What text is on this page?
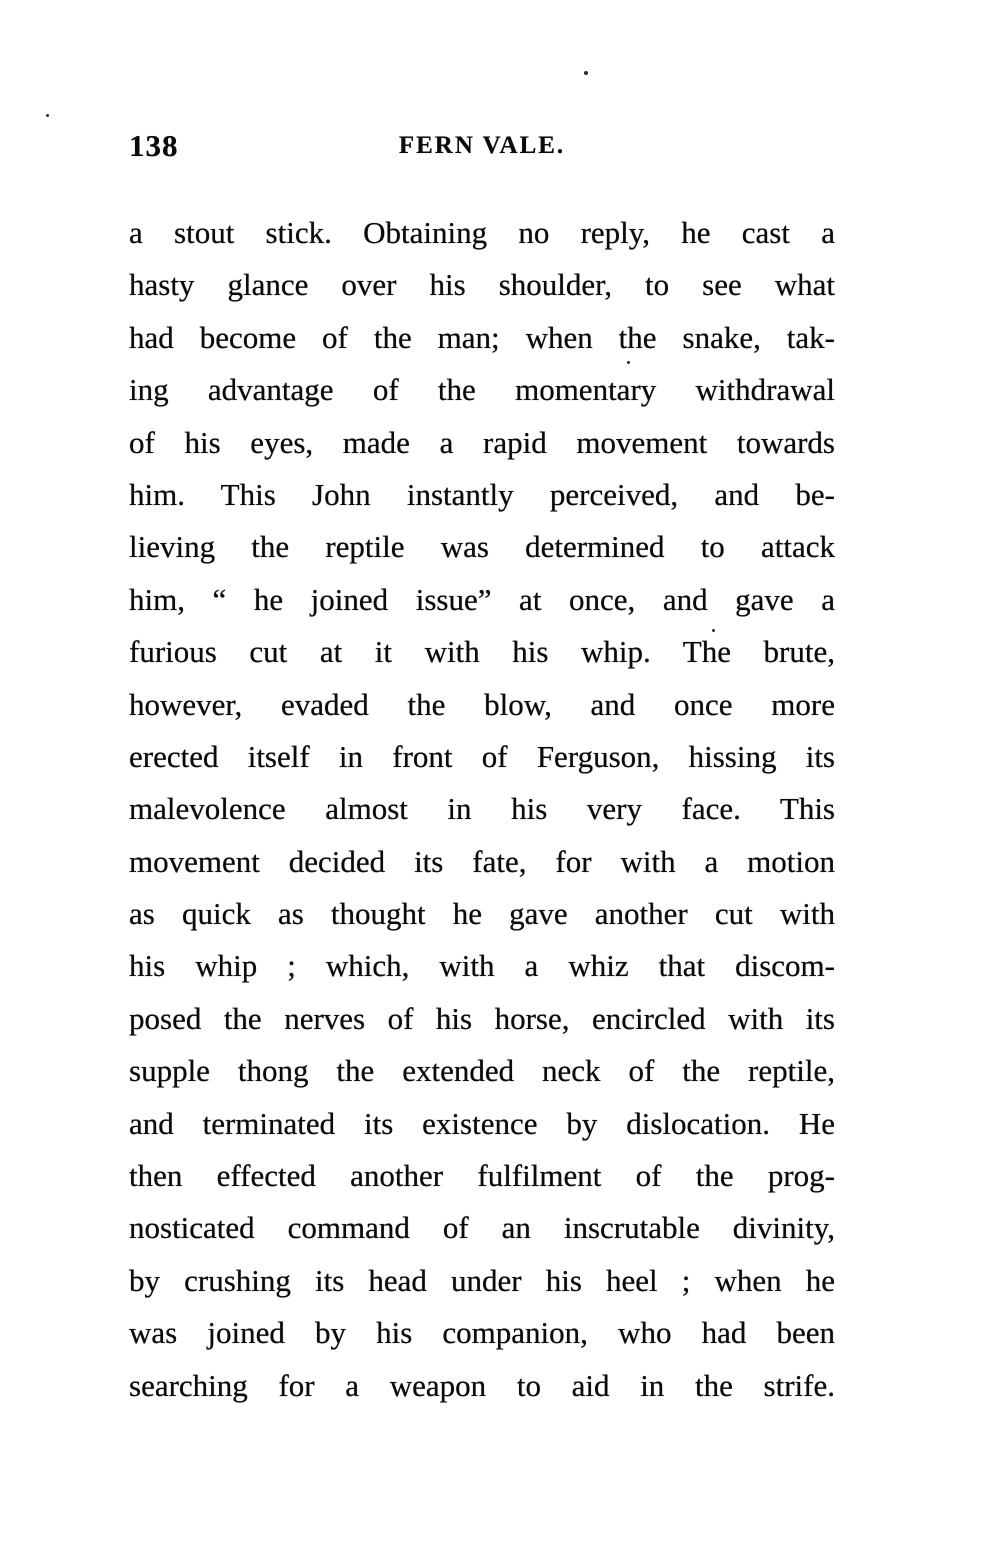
138	FERN VALE.
a stout stick. Obtaining no reply, he cast a
hasty glance over his shoulder, to see what
had become of the man; when the snake, tak-
ing advantage of the momentary withdrawal
of his eyes, made a rapid movement towards
him. This John instantly perceived, and be-
lieving the reptile was determined to attack
him, “ he joined issue” at once, and gave a
furious cut at it with his whip. The brute,
however, evaded the blow, and once more
erected itself in front of Ferguson, hissing its
malevolence almost in his very face. This
movement decided its fate, for with a motion
as quick as thought he gave another cut with
his whip ; which, with a whiz that discom-
posed the nerves of his horse, encircled with its
supple thong the extended neck of the reptile,
and terminated its existence by dislocation. He
then effected another fulfilment of the prog-
nosticated command of an inscrutable divinity,
by crushing its head under his heel ; when he
was joined by his companion, who had been
searching for a weapon to aid in the strife.
